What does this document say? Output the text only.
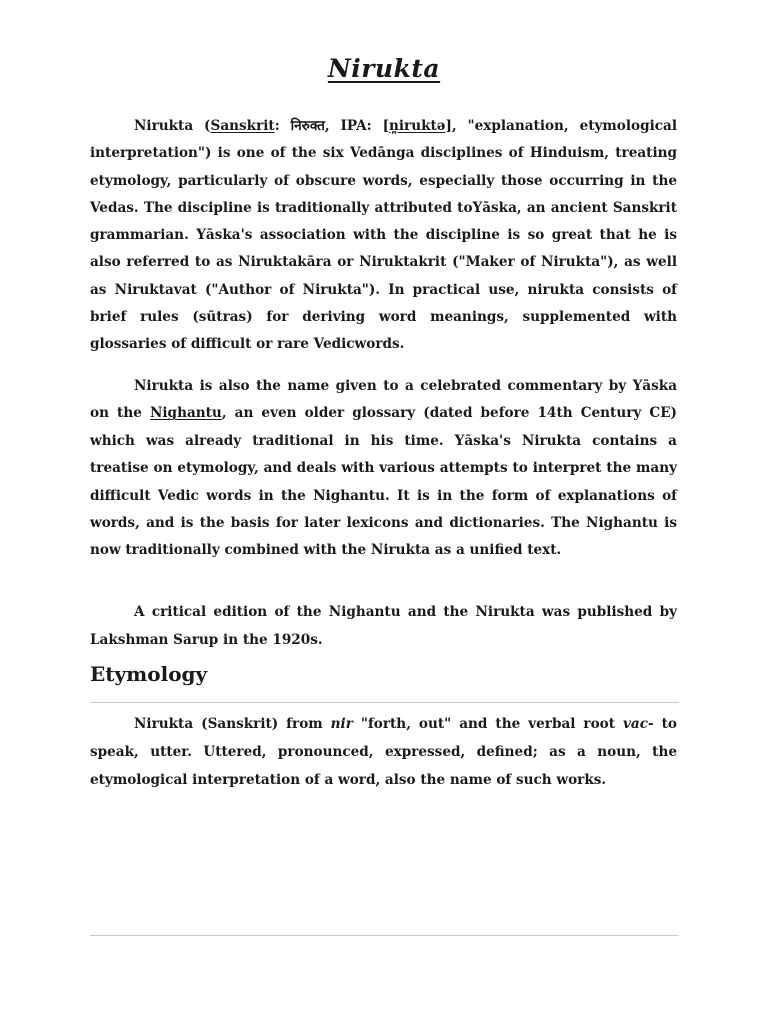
Nirukta

Nirukta (Sanskrit: निरुक्त, IPA: [n̪iruktə], "explanation, etymological interpretation") is one of the six Vedānga disciplines of Hinduism, treating etymology, particularly of obscure words, especially those occurring in the Vedas. The discipline is traditionally attributed toYāska, an ancient Sanskrit grammarian. Yāska's association with the discipline is so great that he is also referred to as Niruktakāra or Niruktakrit ("Maker of Nirukta"), as well as Niruktavat ("Author of Nirukta"). In practical use, nirukta consists of brief rules (sūtras) for deriving word meanings, supplemented with glossaries of difficult or rare Vedicwords.

Nirukta is also the name given to a celebrated commentary by Yāska on the Nighantu, an even older glossary (dated before 14th Century CE) which was already traditional in his time. Yāska's Nirukta contains a treatise on etymology, and deals with various attempts to interpret the many difficult Vedic words in the Nighantu. It is in the form of explanations of words, and is the basis for later lexicons and dictionaries. The Nighantu is now traditionally combined with the Nirukta as a unified text.

A critical edition of the Nighantu and the Nirukta was published by Lakshman Sarup in the 1920s.

Etymology

Nirukta (Sanskrit) from nir "forth, out" and the verbal root vac- to speak, utter. Uttered, pronounced, expressed, defined; as a noun, the etymological interpretation of a word, also the name of such works.
